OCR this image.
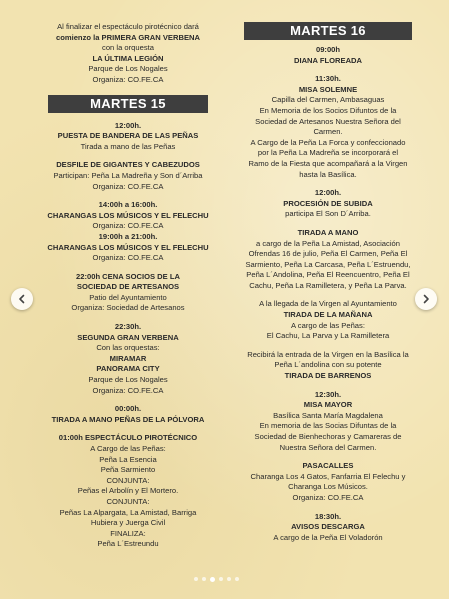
Al finalizar el espectáculo pirotécnico dará

comienzo la PRIMERA GRAN VERBENA

con la orquesta

LA ÚLTIMA LEGIÓN

Parque de Los Nogales

Organiza: CO.FE.CA

MARTES 15

12:00h.

PUESTA DE BANDERA DE LAS PEÑAS

Tirada a mano de las Peñas

DESFILE DE GIGANTES Y CABEZUDOS

Participan: Peña La Madreña y Son d´Arriba

Organiza: CO.FE.CA

14:00h a 16:00h.

CHARANGAS LOS MÚSICOS Y EL FELECHU

Organiza: CO.FE.CA

19:00h a 21:00h.

CHARANGAS LOS MÚSICOS Y EL FELECHU

Organiza: CO.FE.CA

22:00h CENA SOCIOS DE LA

SOCIEDAD DE ARTESANOS

Patio del Ayuntamiento

Organiza: Sociedad de Artesanos

22:30h.

SEGUNDA GRAN VERBENA

Con las orquestas:

MIRAMAR

PANORAMA CITY

Parque de Los Nogales

Organiza: CO.FE.CA

00:00h.

TIRADA A MANO PEÑAS DE LA PÓLVORA

01:00h ESPECTÁCULO PIROTÉCNICO

A Cargo de las Peñas:

Peña La Esencia

Peña Sarmiento

CONJUNTA:

Peñas el Arbolín y El Mortero.

CONJUNTA:

Peñas La Alpargata, La Amistad, Barriga

Hubiera y Juerga Civil

FINALIZA:

Peña L´Estreundu

MARTES 16

09:00h

DIANA FLOREADA

11:30h.

MISA SOLEMNE

Capilla del Carmen, Ambasaguas

En Memoria de los Socios Difuntos de la

Sociedad de Artesanos Nuestra Señora del

Carmen.

A Cargo de la Peña La Forca y confeccionado

por la Peña La Madreña se incorporará el

Ramo de la Fiesta que acompañará a la Virgen

hasta la Basílica.

12:00h.

PROCESIÓN DE SUBIDA

participa El Son D´Arriba.

TIRADA A MANO

a cargo de la Peña La Amistad, Asociación

Ofrendas 16 de julio, Peña El Carmen, Peña El

Sarmiento, Peña La Carcasa, Peña L´Estruendu,

Peña L´Andolina, Peña El Reencuentro, Peña El

Cachu, Peña La Ramilletera, y Peña La Parva.

A la llegada de la Virgen al Ayuntamiento

TIRADA DE LA MAÑANA

A cargo de las Peñas:

El Cachu, La Parva y La Ramilletera

Recibirá la entrada de la Virgen en la Basílica la

Peña L´andolina con su potente

TIRADA DE BARRENOS

12:30h.

MISA MAYOR

Basílica Santa María Magdalena

En memoria de las Socias Difuntas de la

Sociedad de Bienhechoras y Camareras de

Nuestra Señora del Carmen.

PASACALLES

Charanga Los 4 Gatos, Fanfarria El Felechu y

Charanga Los Músicos.

Organiza: CO.FE.CA

18:30h.

AVISOS DESCARGA

A cargo de la Peña El Voladorón
